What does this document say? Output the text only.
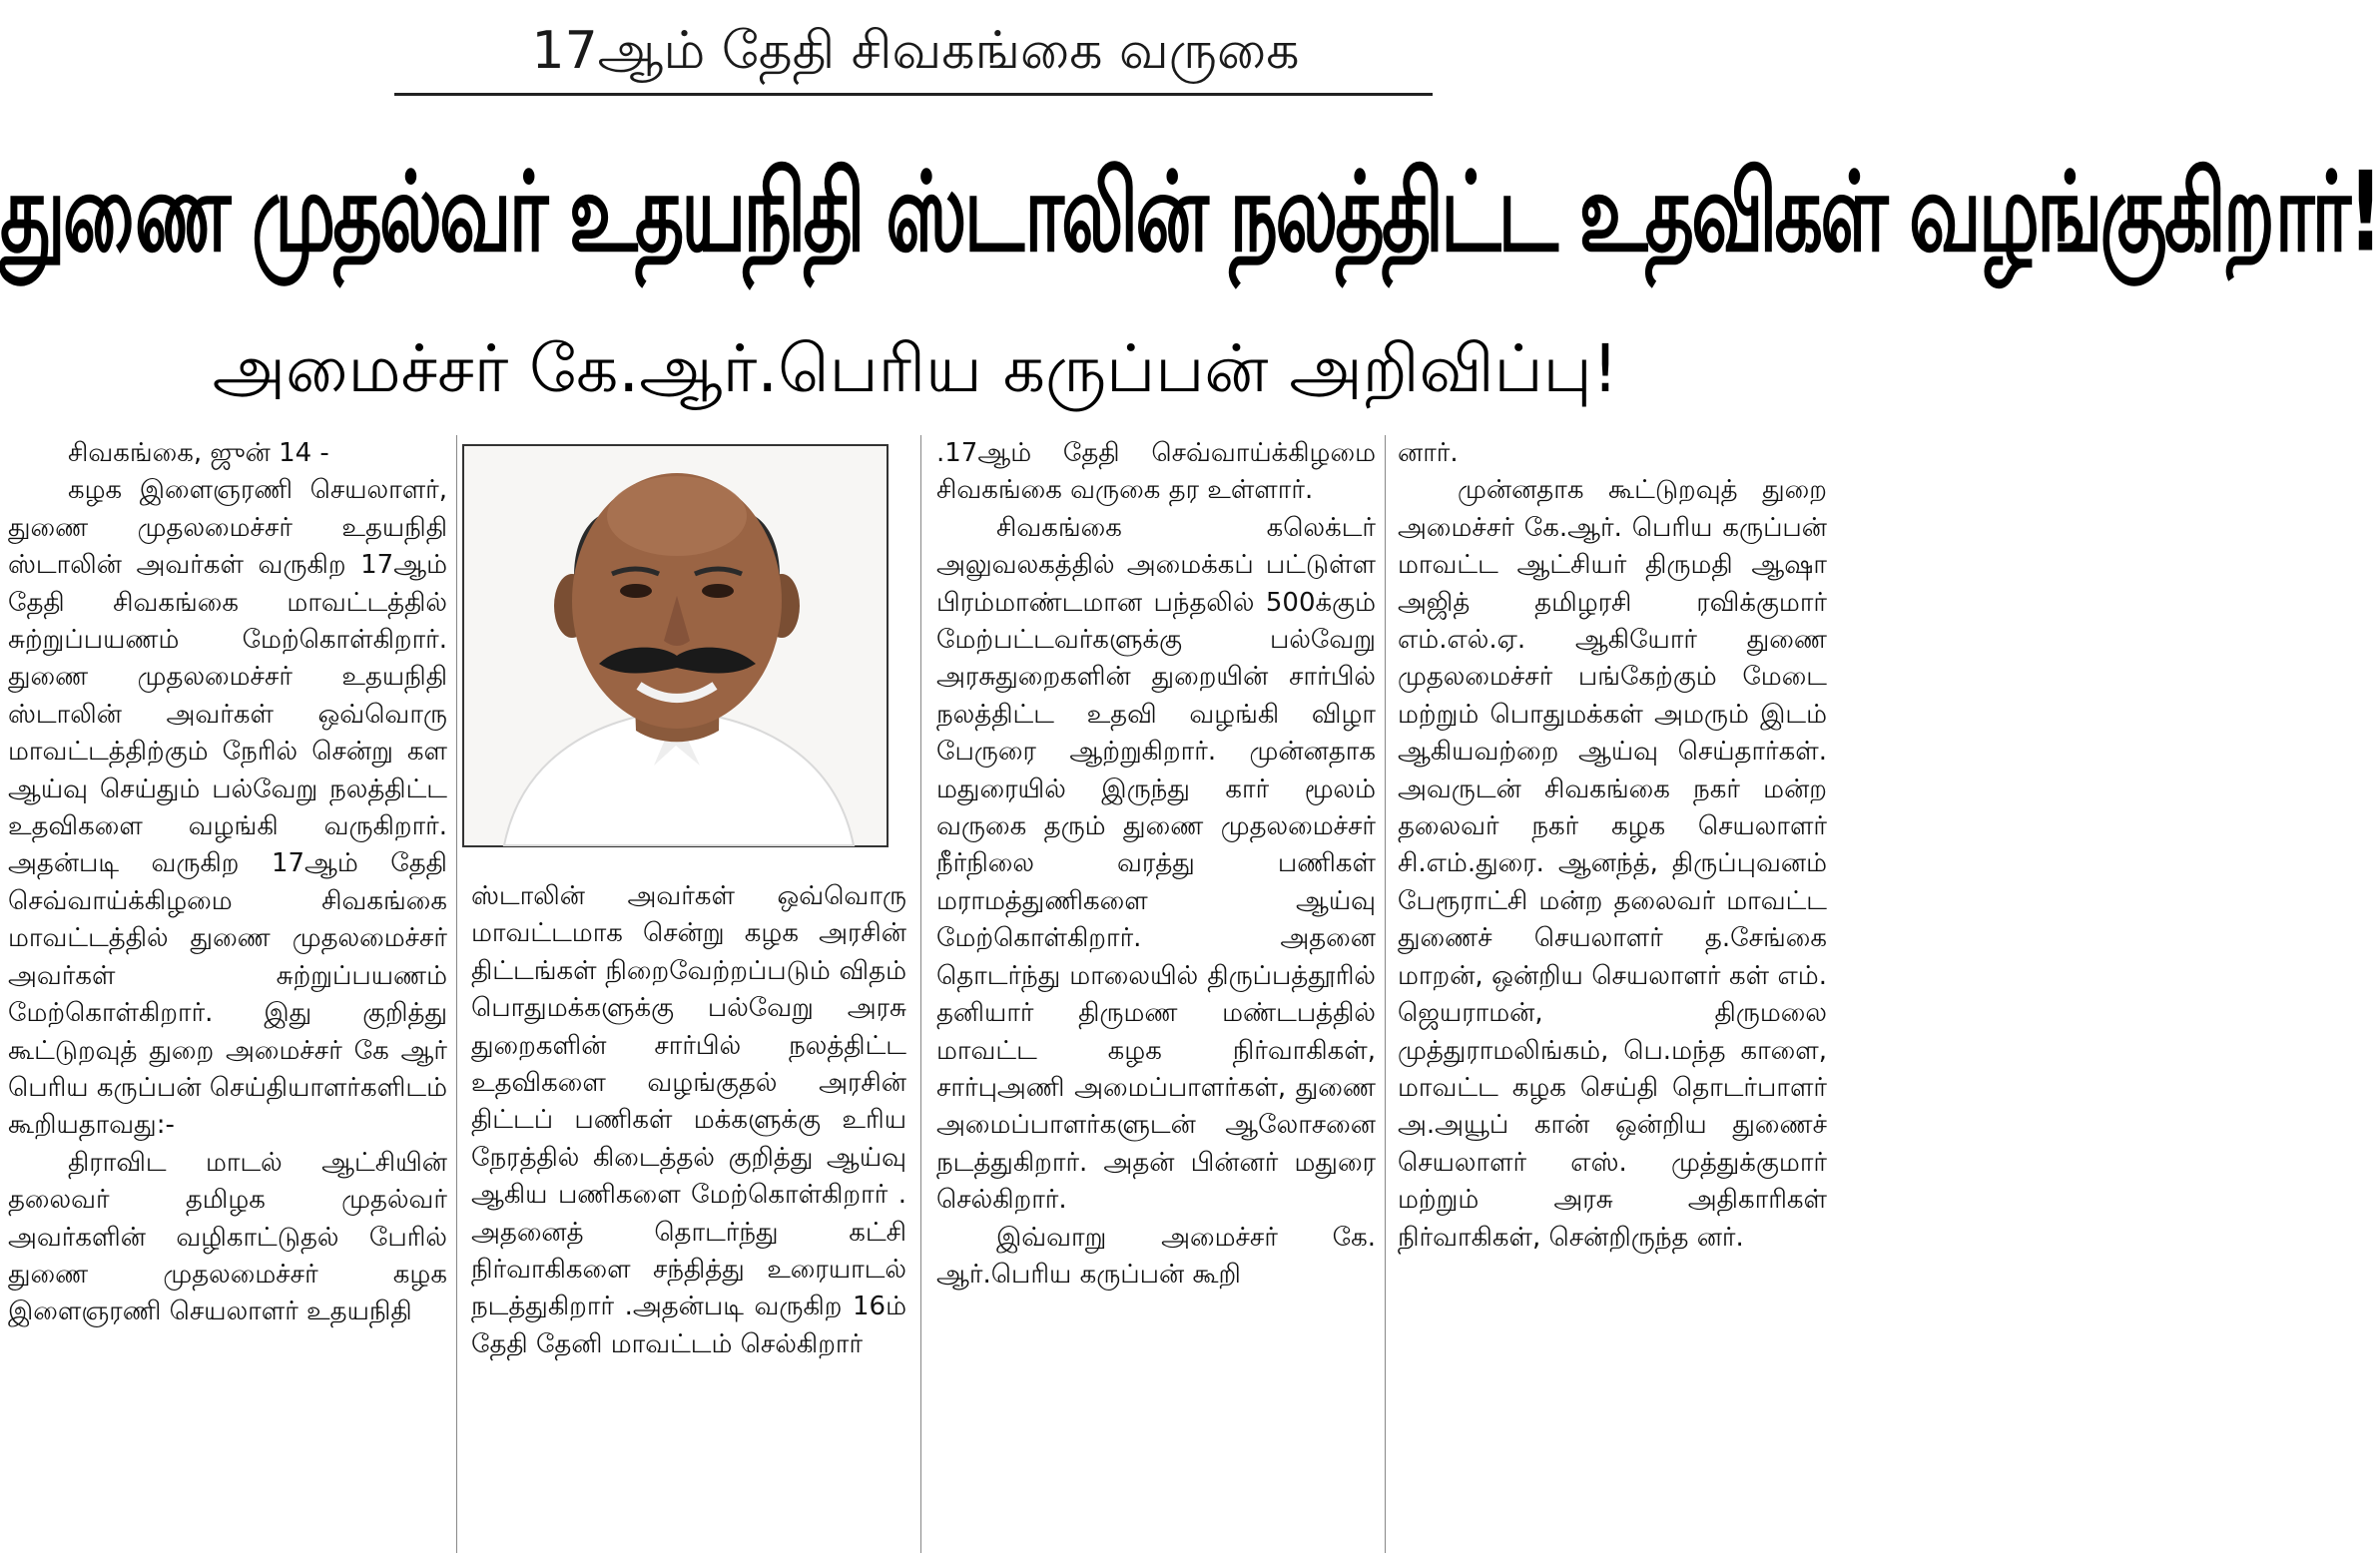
17ஆம் தேதி சிவகங்கை வருகை
துணை முதல்வர் உதயநிதி ஸ்டாலின் நலத்திட்ட உதவிகள் வழங்குகிறார்!
அமைச்சர் கே.ஆர்.பெரிய கருப்பன் அறிவிப்பு!

சிவகங்கை, ஜுன் 14 -

கழக இளைஞரணி செயலாளர், துணை முதலமைச்சர் உதயநிதி ஸ்டாலின் அவர்கள் வருகிற 17ஆம் தேதி சிவகங்கை மாவட்டத்தில் சுற்றுப்பயணம் மேற்கொள்கிறார். துணை முதலமைச்சர் உதயநிதி ஸ்டாலின் அவர்கள் ஒவ்வொரு மாவட்டத்திற்கும் நேரில் சென்று கள ஆய்வு செய்தும் பல்வேறு நலத்திட்ட உதவிகளை வழங்கி வருகிறார். அதன்படி வருகிற 17ஆம் தேதி செவ்வாய்க்கிழமை சிவகங்கை மாவட்டத்தில் துணை முதலமைச்சர் அவர்கள் சுற்றுப்பயணம் மேற்கொள்கிறார். இது குறித்து கூட்டுறவுத் துறை அமைச்சர் கே ஆர் பெரிய கருப்பன் செய்தியாளர்களிடம் கூறியதாவது:-

திராவிட மாடல் ஆட்சியின் தலைவர் தமிழக முதல்வர் அவர்களின் வழிகாட்டுதல் பேரில் துணை முதலமைச்சர் கழக இளைஞரணி செயலாளர் உதயநிதி

ஸ்டாலின் அவர்கள் ஒவ்வொரு மாவட்டமாக சென்று கழக அரசின் திட்டங்கள் நிறைவேற்றப்படும் விதம் பொதுமக்களுக்கு பல்வேறு அரசு துறைகளின் சார்பில் நலத்திட்ட உதவிகளை வழங்குதல் அரசின் திட்டப் பணிகள் மக்களுக்கு உரிய நேரத்தில் கிடைத்தல் குறித்து ஆய்வு ஆகிய பணிகளை மேற்கொள்கிறார் . அதனைத் தொடர்ந்து கட்சி நிர்வாகிகளை சந்தித்து உரையாடல் நடத்துகிறார் .அதன்படி வருகிற 16ம் தேதி தேனி மாவட்டம் செல்கிறார்

.17ஆம் தேதி செவ்வாய்க்கிழமை சிவகங்கை வருகை தர உள்ளார்.

சிவகங்கை கலெக்டர் அலுவலகத்தில் அமைக்கப் பட்டுள்ள பிரம்மாண்டமான பந்தலில் 500க்கும் மேற்பட்டவர்களுக்கு பல்வேறு அரசுதுறைகளின் துறையின் சார்பில் நலத்திட்ட உதவி வழங்கி விழா பேருரை ஆற்றுகிறார். முன்னதாக மதுரையில் இருந்து கார் மூலம் வருகை தரும் துணை முதலமைச்சர் நீர்நிலை வரத்து பணிகள் மராமத்துணிகளை ஆய்வு மேற்கொள்கிறார். அதனை தொடர்ந்து மாலையில் திருப்பத்தூரில் தனியார் திருமண மண்டபத்தில் மாவட்ட கழக நிர்வாகிகள், சார்புஅணி அமைப்பாளர்கள், துணை அமைப்பாளர்களுடன் ஆலோசனை நடத்துகிறார். அதன் பின்னர் மதுரை செல்கிறார்.

இவ்வாறு அமைச்சர் கே. ஆர்.பெரிய கருப்பன் கூறி

னார்.

முன்னதாக கூட்டுறவுத் துறை அமைச்சர் கே.ஆர். பெரிய கருப்பன் மாவட்ட ஆட்சியர் திருமதி ஆஷா அஜித் தமிழரசி ரவிக்குமார் எம்.எல்.ஏ. ஆகியோர் துணை முதலமைச்சர் பங்கேற்கும் மேடை மற்றும் பொதுமக்கள் அமரும் இடம் ஆகியவற்றை ஆய்வு செய்தார்கள். அவருடன் சிவகங்கை நகர் மன்ற தலைவர் நகர் கழக செயலாளர் சி.எம்.துரை. ஆனந்த், திருப்புவனம் பேரூராட்சி மன்ற தலைவர் மாவட்ட துணைச் செயலாளர் த.சேங்கை மாறன், ஒன்றிய செயலாளர் கள் எம். ஜெயராமன், திருமலை முத்துராமலிங்கம், பெ.மந்த காளை, மாவட்ட கழக செய்தி தொடர்பாளர் அ.அயூப் கான் ஒன்றிய துணைச் செயலாளர் எஸ். முத்துக்குமார் மற்றும் அரசு அதிகாரிகள் நிர்வாகிகள், சென்றிருந்த னர்.
